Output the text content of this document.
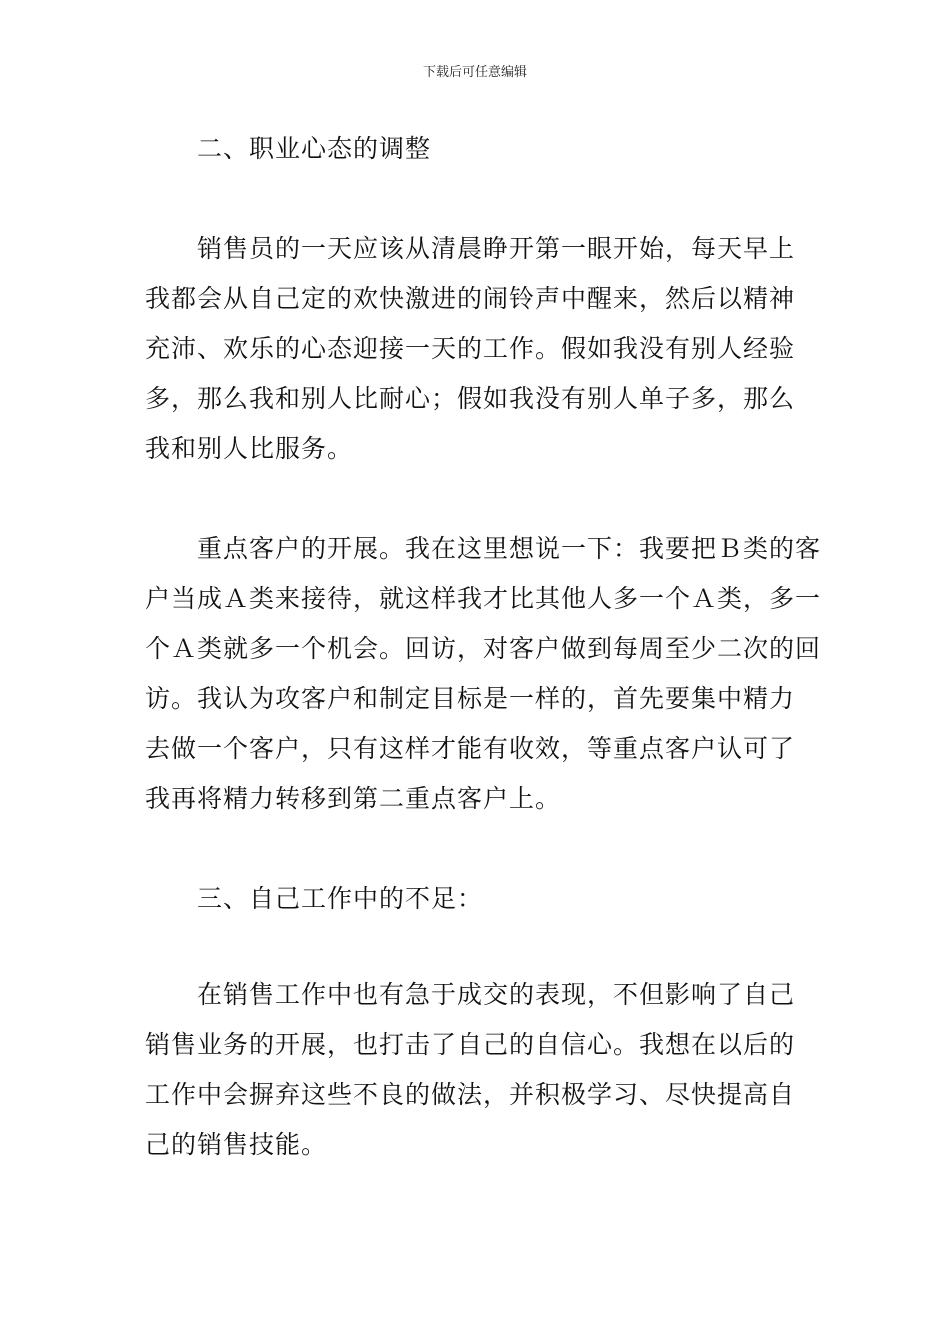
下载后可任意编辑
二、职业心态的调整
销售员的一天应该从清晨睁开第一眼开始，每天早上
我都会从自己定的欢快激进的闹铃声中醒来，然后以精神
充沛、欢乐的心态迎接一天的工作。假如我没有别人经验
多，那么我和别人比耐心；假如我没有别人单子多，那么
我和别人比服务。
重点客户的开展。我在这里想说一下：我要把Ｂ类的客
户当成Ａ类来接待，就这样我才比其他人多一个Ａ类，多一
个Ａ类就多一个机会。回访，对客户做到每周至少二次的回
访。我认为攻客户和制定目标是一样的，首先要集中精力
去做一个客户，只有这样才能有收效，等重点客户认可了
我再将精力转移到第二重点客户上。
三、自己工作中的不足：
在销售工作中也有急于成交的表现，不但影响了自己
销售业务的开展，也打击了自己的自信心。我想在以后的
工作中会摒弃这些不良的做法，并积极学习、尽快提高自
己的销售技能。
